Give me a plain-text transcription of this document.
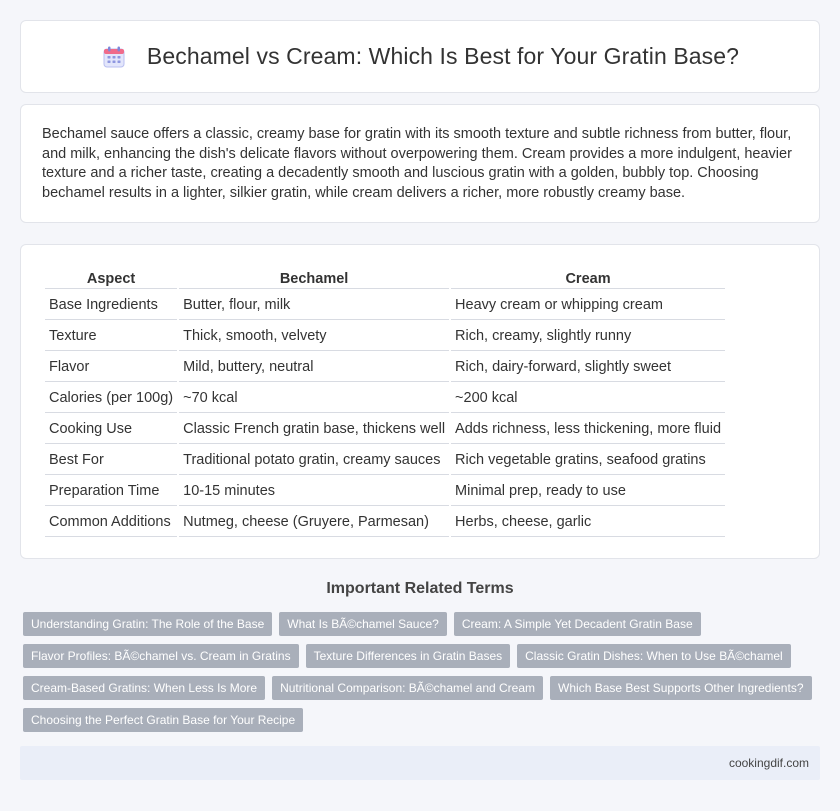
Bechamel vs Cream: Which Is Best for Your Gratin Base?

Bechamel sauce offers a classic, creamy base for gratin with its smooth texture and subtle richness from butter, flour, and milk, enhancing the dish's delicate flavors without overpowering them. Cream provides a more indulgent, heavier texture and a richer taste, creating a decadently smooth and luscious gratin with a golden, bubbly top. Choosing bechamel results in a lighter, silkier gratin, while cream delivers a richer, more robustly creamy base.

Aspect	Bechamel	Cream
Base Ingredients	Butter, flour, milk	Heavy cream or whipping cream
Texture	Thick, smooth, velvety	Rich, creamy, slightly runny
Flavor	Mild, buttery, neutral	Rich, dairy-forward, slightly sweet
Calories (per 100g)	~70 kcal	~200 kcal
Cooking Use	Classic French gratin base, thickens well	Adds richness, less thickening, more fluid
Best For	Traditional potato gratin, creamy sauces	Rich vegetable gratins, seafood gratins
Preparation Time	10-15 minutes	Minimal prep, ready to use
Common Additions	Nutmeg, cheese (Gruyere, Parmesan)	Herbs, cheese, garlic
Important Related Terms
Understanding Gratin: The Role of the Base	What Is BÃ©chamel Sauce?	Cream: A Simple Yet Decadent Gratin Base
Flavor Profiles: BÃ©chamel vs. Cream in Gratins	Texture Differences in Gratin Bases	Classic Gratin Dishes: When to Use BÃ©chamel
Cream-Based Gratins: When Less Is More	Nutritional Comparison: BÃ©chamel and Cream	Which Base Best Supports Other Ingredients?
Choosing the Perfect Gratin Base for Your Recipe
cookingdif.com
